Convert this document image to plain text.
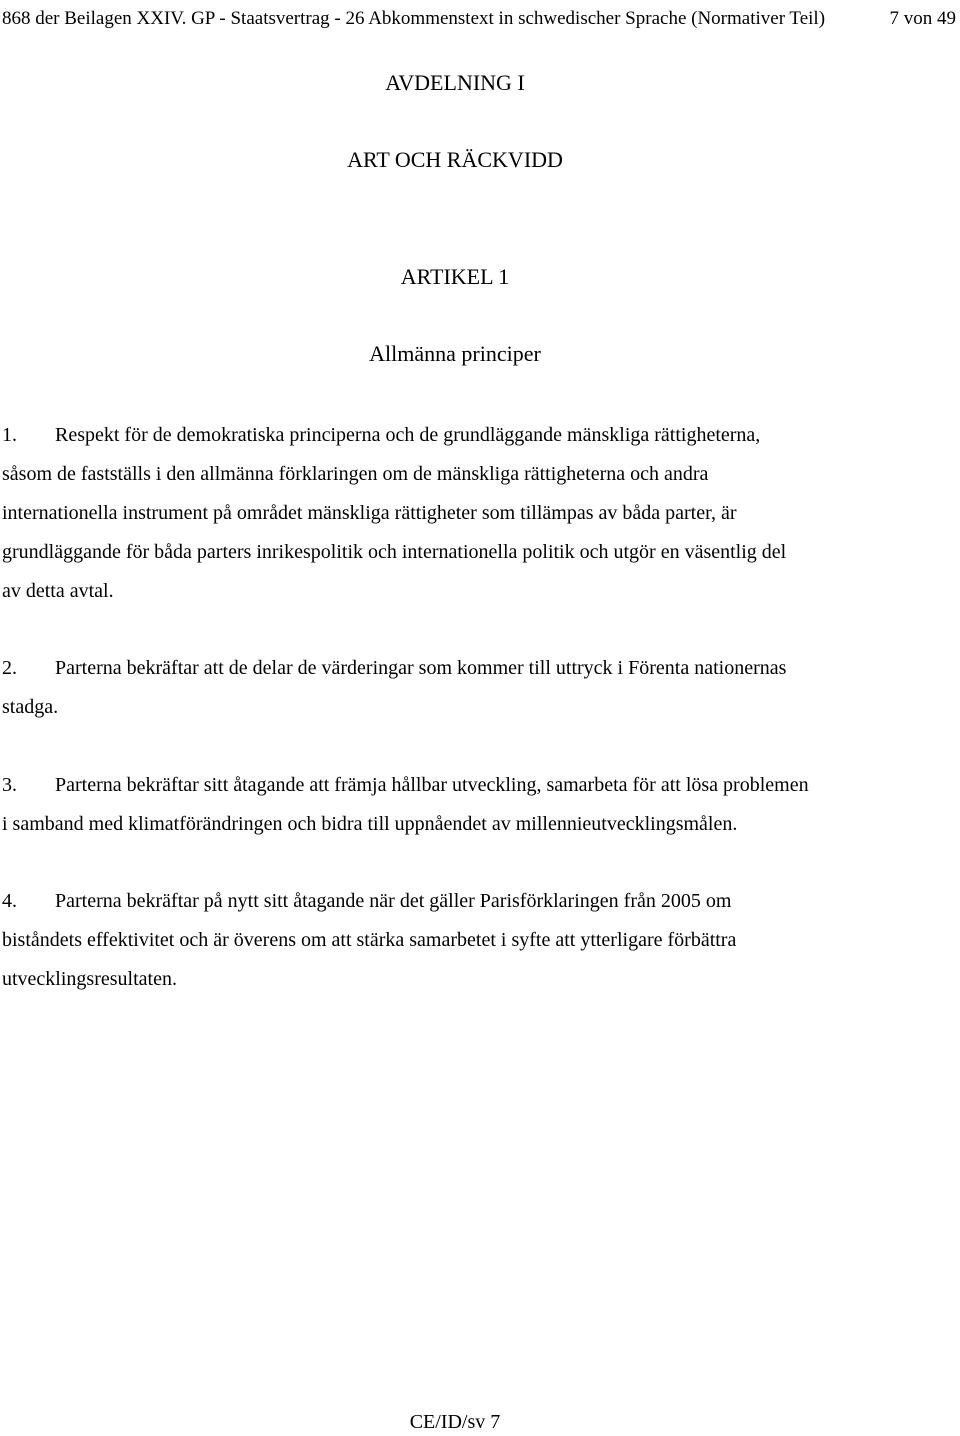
868 der Beilagen XXIV. GP - Staatsvertrag - 26 Abkommenstext in schwedischer Sprache (Normativer Teil)	7 von 49
AVDELNING I
ART OCH RÄCKVIDD
ARTIKEL 1
Allmänna principer
1. Respekt för de demokratiska principerna och de grundläggande mänskliga rättigheterna,
såsom de fastställs i den allmänna förklaringen om de mänskliga rättigheterna och andra
internationella instrument på området mänskliga rättigheter som tillämpas av båda parter, är
grundläggande för båda parters inrikespolitik och internationella politik och utgör en väsentlig del
av detta avtal.
2. Parterna bekräftar att de delar de värderingar som kommer till uttryck i Förenta nationernas
stadga.
3. Parterna bekräftar sitt åtagande att främja hållbar utveckling, samarbeta för att lösa problemen
i samband med klimatförändringen och bidra till uppnåendet av millennieutvecklingsmålen.
4. Parterna bekräftar på nytt sitt åtagande när det gäller Parisförklaringen från 2005 om
biståndets effektivitet och är överens om att stärka samarbetet i syfte att ytterligare förbättra
utvecklingsresultaten.
CE/ID/sv 7
